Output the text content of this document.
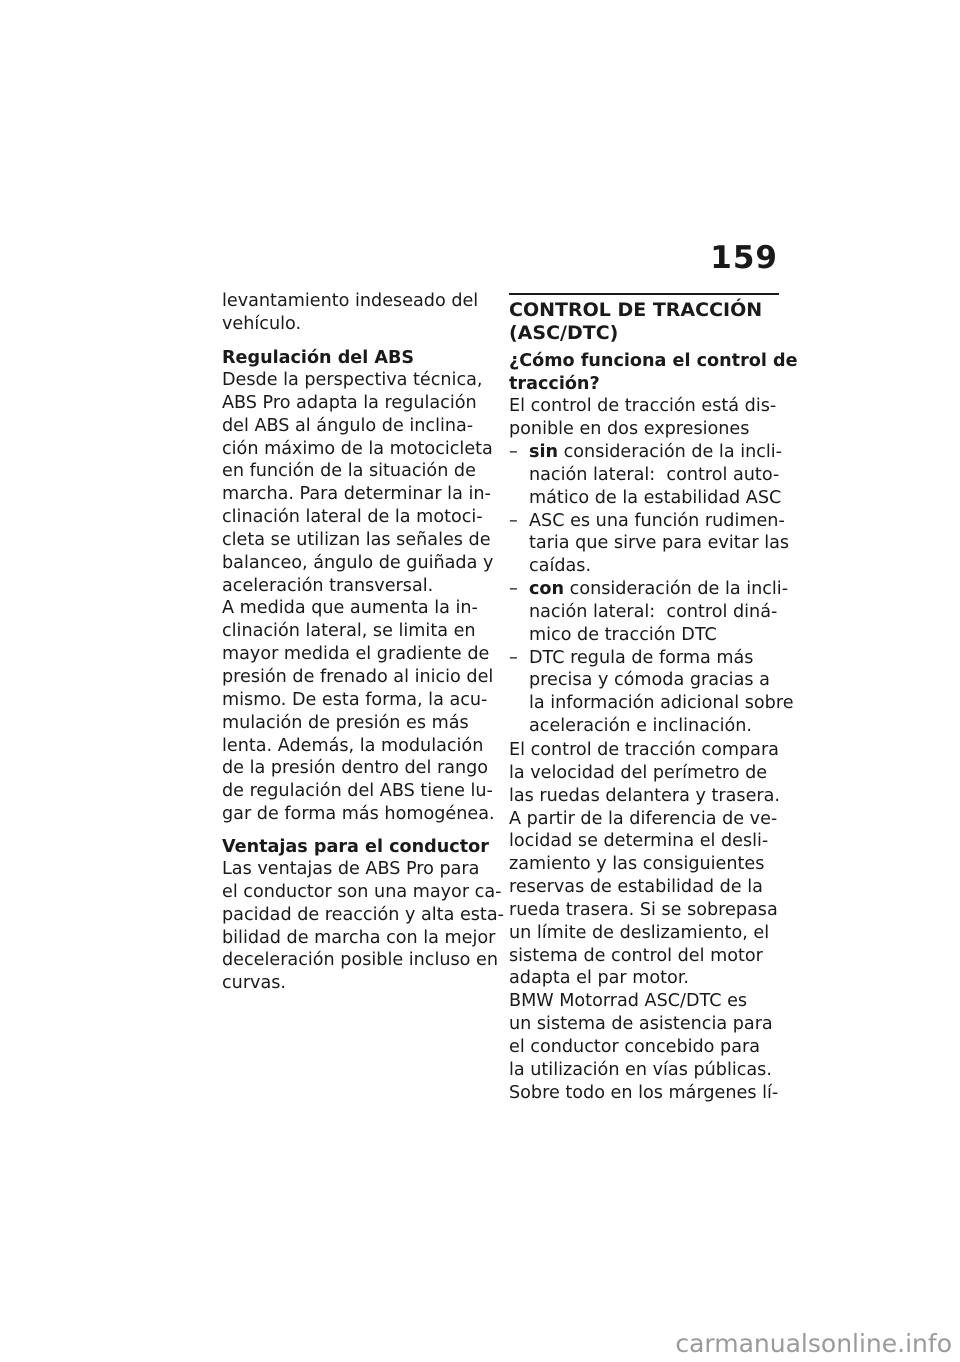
159
levantamiento indeseado del
vehículo.
Regulación del ABS
Desde la perspectiva técnica,
ABS Pro adapta la regulación
del ABS al ángulo de inclina-
ción máximo de la motocicleta
en función de la situación de
marcha. Para determinar la in-
clinación lateral de la motoci-
cleta se utilizan las señales de
balanceo, ángulo de guiñada y
aceleración transversal.
A medida que aumenta la in-
clinación lateral, se limita en
mayor medida el gradiente de
presión de frenado al inicio del
mismo. De esta forma, la acu-
mulación de presión es más
lenta. Además, la modulación
de la presión dentro del rango
de regulación del ABS tiene lu-
gar de forma más homogénea.
Ventajas para el conductor
Las ventajas de ABS Pro para
el conductor son una mayor ca-
pacidad de reacción y alta esta-
bilidad de marcha con la mejor
deceleración posible incluso en
curvas.
CONTROL DE TRACCIÓN
(ASC/DTC)
¿Cómo funciona el control de
tracción?
El control de tracción está dis-
ponible en dos expresiones
– sin consideración de la incli-
nación lateral:  control auto-
mático de la estabilidad ASC
– ASC es una función rudimen-
taria que sirve para evitar las
caídas.
– con consideración de la incli-
nación lateral:  control diná-
mico de tracción DTC
– DTC regula de forma más
precisa y cómoda gracias a
la información adicional sobre
aceleración e inclinación.
El control de tracción compara
la velocidad del perímetro de
las ruedas delantera y trasera.
A partir de la diferencia de ve-
locidad se determina el desli-
zamiento y las consiguientes
reservas de estabilidad de la
rueda trasera. Si se sobrepasa
un límite de deslizamiento, el
sistema de control del motor
adapta el par motor.
BMW Motorrad ASC/DTC es
un sistema de asistencia para
el conductor concebido para
la utilización en vías públicas.
Sobre todo en los márgenes lí-
carmanualsonline.info
